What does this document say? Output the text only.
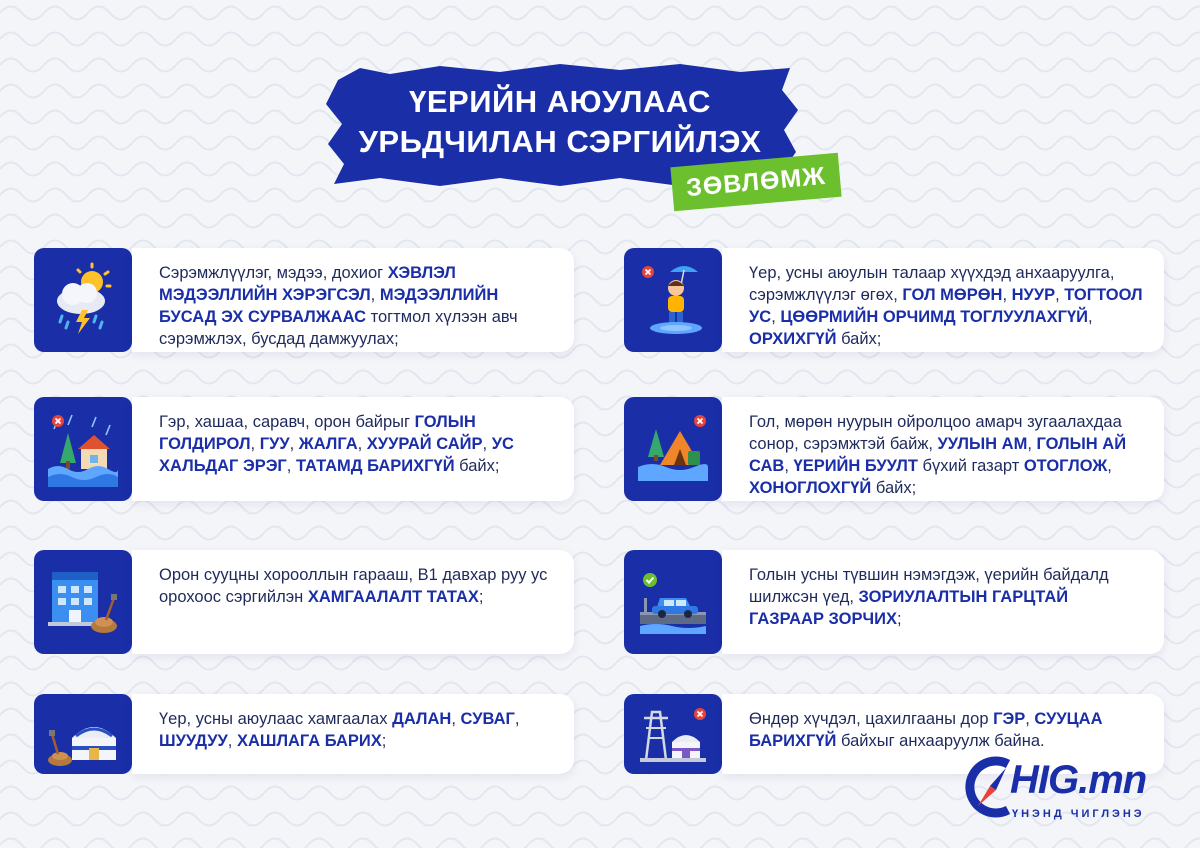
ҮЕРИЙН АЮУЛААС
УРЬДЧИЛАН СЭРГИЙЛЭХ
ЗӨВЛӨМЖ
Сэрэмжлүүлэг, мэдээ, дохиог ХЭВЛЭЛ МЭДЭЭЛЛИЙН ХЭРЭГСЭЛ, МЭДЭЭЛЛИЙН БУСАД ЭХ СУРВАЛЖААС тогтмол хүлээн авч сэрэмжлэх, бусдад дамжуулах;
Гэр, хашаа, саравч, орон байрыг ГОЛЫН ГОЛДИРОЛ, ГУУ, ЖАЛГА, ХУУРАЙ САЙР, УС ХАЛЬДАГ ЭРЭГ, ТАТАМД БАРИХГҮЙ байх;
Орон сууцны хорооллын гарааш, В1 давхар руу ус орохоос сэргийлэн ХАМГААЛАЛТ ТАТАХ;
Үер, усны аюулаас хамгаалах ДАЛАН, СУВАГ, ШУУДУУ, ХАШЛАГА БАРИХ;
Үер, усны аюулын талаар хүүхдэд анхааруулга, сэрэмжлүүлэг өгөх, ГОЛ МӨРӨН, НУУР, ТОГТООЛ УС, ЦӨӨРМИЙН ОРЧИМД ТОГЛУУЛАХГҮЙ, ОРХИХГҮЙ байх;
Гол, мөрөн нуурын ойролцоо амарч зугаалахдаа сонор, сэрэмжтэй байж, УУЛЫН АМ, ГОЛЫН АЙ САВ, ҮЕРИЙН БУУЛТ бүхий газарт ОТОГЛОЖ, ХОНОГЛОХГҮЙ байх;
Голын усны түвшин нэмэгдэж, үерийн байдалд шилжсэн үед, ЗОРИУЛАЛТЫН ГАРЦТАЙ ГАЗРААР ЗОРЧИХ;
Өндөр хүчдэл, цахилгааны дор ГЭР, СУУЦАА БАРИХГҮЙ байхыг анхааруулж байна.
HIG.mn
ҮНЭНД ЧИГЛЭНЭ
